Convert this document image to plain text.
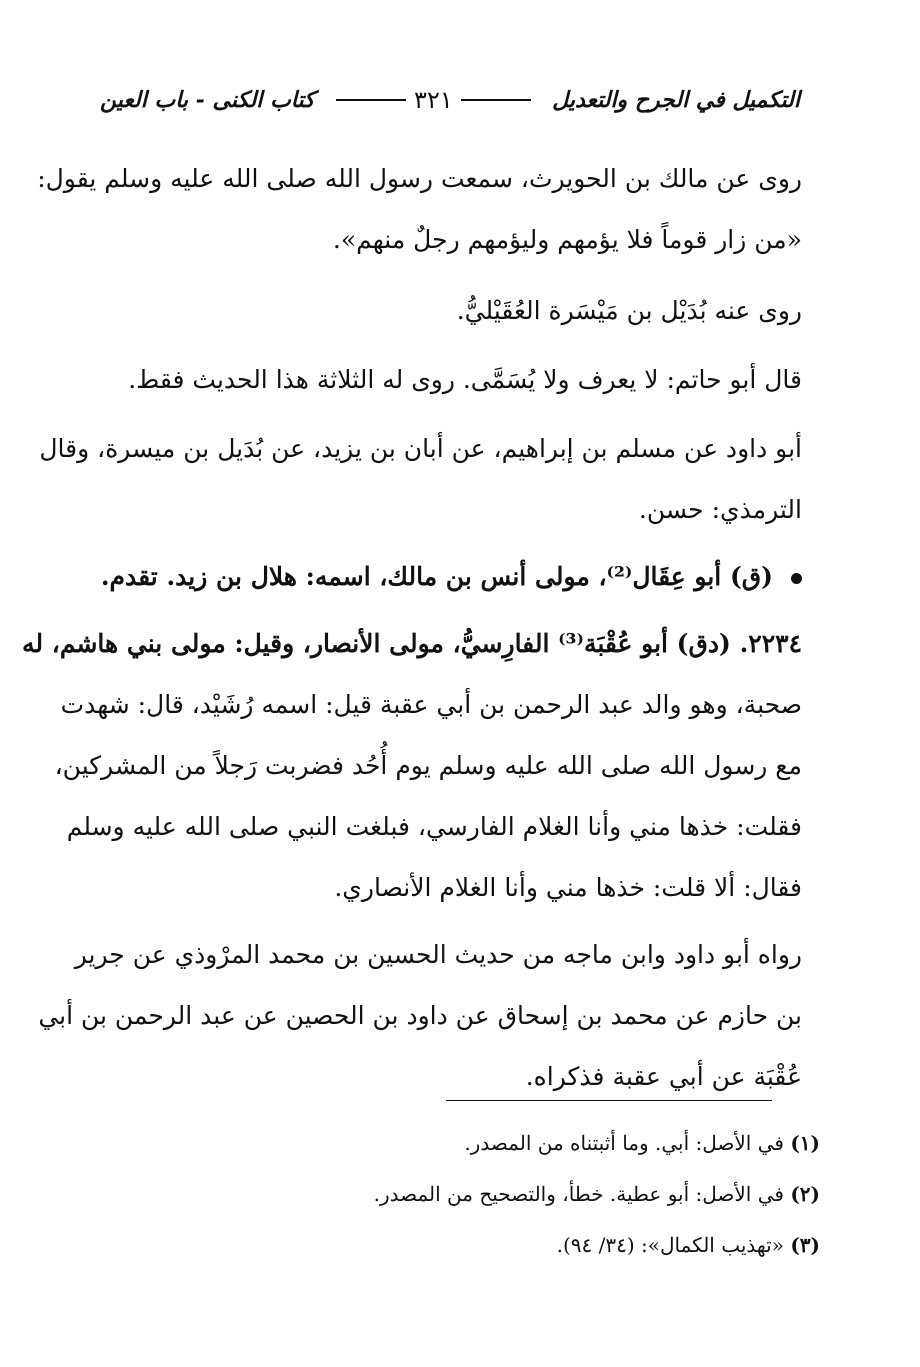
التكميل في الجرح والتعديل
٣٢١
كتاب الكنى - باب العين
روى عن مالك بن الحويرث، سمعت رسول الله صلى الله عليه وسلم يقول:
«من زار قوماً فلا يؤمهم وليؤمهم رجلٌ منهم».
روى عنه بُدَيْل بن مَيْسَرة العُقَيْليُّ.
قال أبو حاتم: لا يعرف ولا يُسَمَّى. روى له الثلاثة هذا الحديث فقط.
أبو داود عن مسلم بن إبراهيم، عن أبان بن يزيد، عن بُدَيل بن ميسرة، وقال
الترمذي: حسن.
(ق) أبو عِقَال⁽²⁾، مولى أنس بن مالك، اسمه: هلال بن زيد. تقدم.
٢٢٣٤. (دق) أبو عُقْبَة⁽³⁾ الفارِسيُّ، مولى الأنصار، وقيل: مولى بني هاشم، له
صحبة، وهو والد عبد الرحمن بن أبي عقبة قيل: اسمه رُشَيْد، قال: شهدت
مع رسول الله صلى الله عليه وسلم يوم أُحُد فضربت رَجلاً من المشركين،
فقلت: خذها مني وأنا الغلام الفارسي، فبلغت النبي صلى الله عليه وسلم
فقال: ألا قلت: خذها مني وأنا الغلام الأنصاري.
رواه أبو داود وابن ماجه من حديث الحسين بن محمد المرْوذي عن جرير
بن حازم عن محمد بن إسحاق عن داود بن الحصين عن عبد الرحمن بن أبي
عُقْبَة عن أبي عقبة فذكراه.
(١) في الأصل: أبي. وما أثبتناه من المصدر.
(٢) في الأصل: أبو عطية. خطأ، والتصحيح من المصدر.
(٣) «تهذيب الكمال»: (٣٤/ ٩٤).
